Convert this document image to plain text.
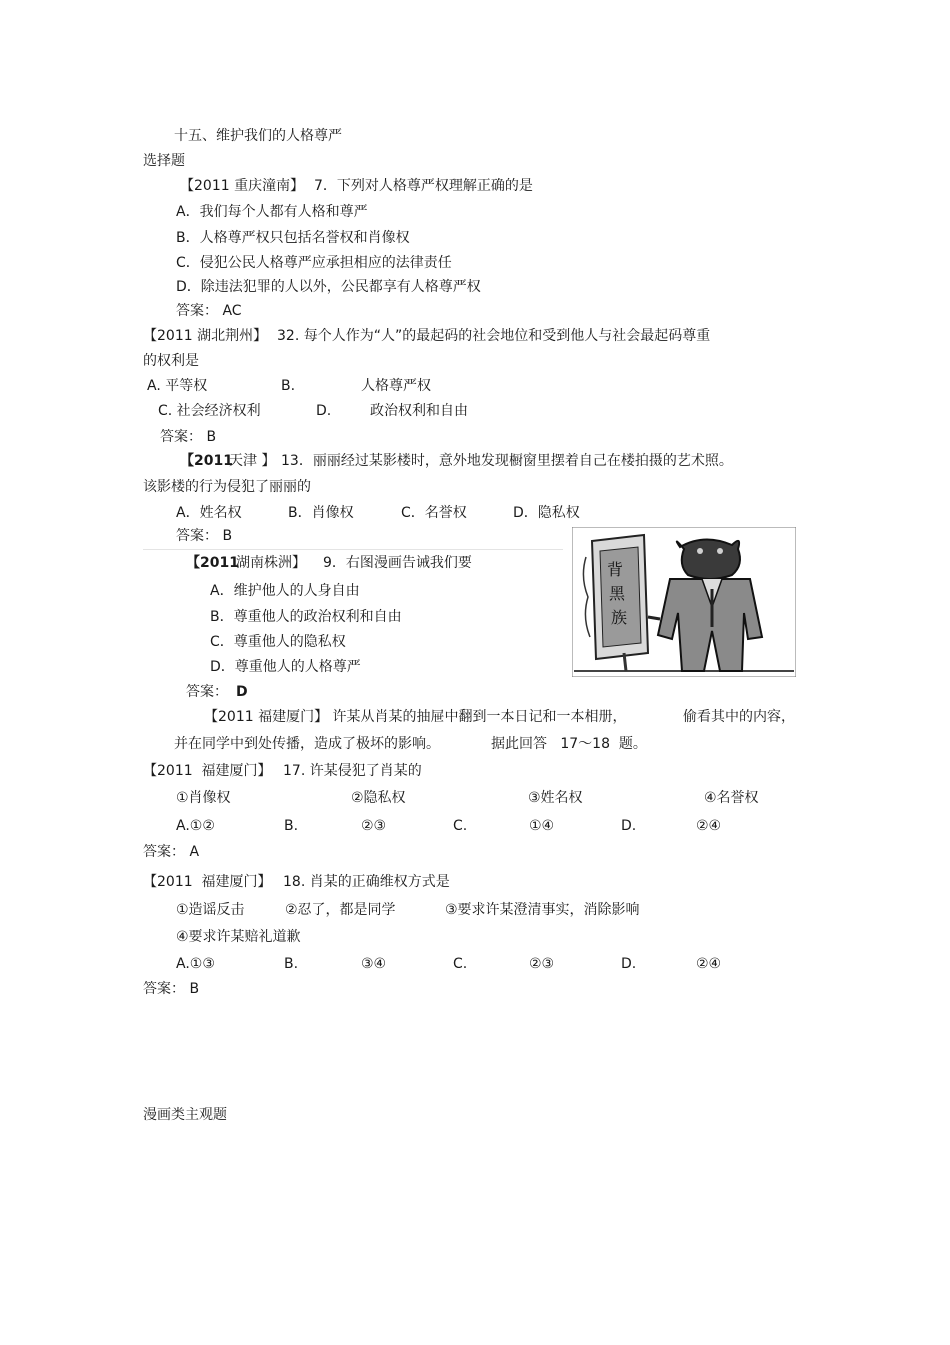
十五、维护我们的人格尊严
选择题
【2011 重庆潼南】 7．下列对人格尊严权理解正确的是
A．我们每个人都有人格和尊严
B．人格尊严权只包括名誉权和肖像权
C．侵犯公民人格尊严应承担相应的法律责任
D．除违法犯罪的人以外，公民都享有人格尊严权
答案： AC
【2011 湖北荆州】 32. 每个人作为“人”的最起码的社会地位和受到他人与社会最起码尊重
的权利是
A. 平等权	B.	人格尊严权
C. 社会经济权利	D.	政治权利和自由
答案： B
【2011
天津 】 13．丽丽经过某影楼时，意外地发现橱窗里摆着自己在楼拍摄的艺术照。
该影楼的行为侵犯了丽丽的
A．姓名权	B．肖像权	C．名誉权	D．隐私权
答案： B
【2011
湖南株洲】 9．右图漫画告诫我们要
A．维护他人的人身自由
B．尊重他人的政治权利和自由
C．尊重他人的隐私权
D．尊重他人的人格尊严
答案： D
背
黑
族
【2011 福建厦门】 许某从肖某的抽屉中翻到一本日记和一本相册，	偷看其中的内容，
并在同学中到处传播，造成了极坏的影响。	据此回答   17～18  题。
【2011  福建厦门】 17. 许某侵犯了肖某的
①肖像权	②隐私权	③姓名权	④名誉权
A.①②	B.	②③	C.	①④	D.	②④
答案： A
【2011  福建厦门】 18. 肖某的正确维权方式是
①造谣反击	②忍了，都是同学	③要求许某澄清事实，消除影响
④要求许某赔礼道歉
A.①③	B.	③④	C.	②③	D.	②④
答案： B
漫画类主观题
